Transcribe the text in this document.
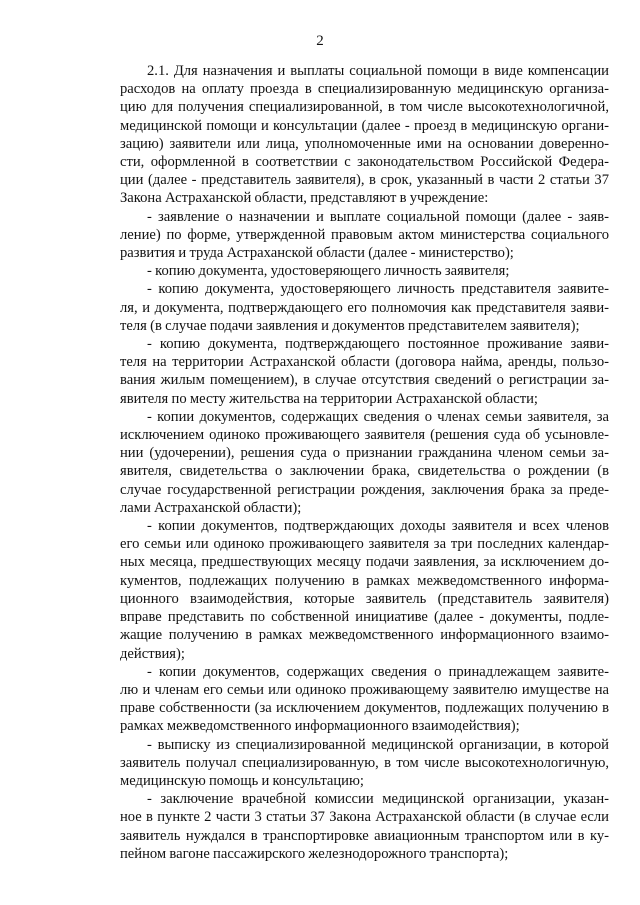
2

2.1. Для назначения и выплаты социальной помощи в виде компенсации
расходов на оплату проезда в специализированную медицинскую организа-
цию для получения специализированной, в том числе высокотехнологичной,
медицинской помощи и консультации (далее - проезд в медицинскую органи-
зацию) заявители или лица, уполномоченные ими на основании доверенно-
сти, оформленной в соответствии с законодательством Российской Федера-
ции (далее - представитель заявителя), в срок, указанный в части 2 статьи 37
Закона Астраханской области, представляют в учреждение:

- заявление о назначении и выплате социальной помощи (далее - заяв-
ление) по форме, утвержденной правовым актом министерства социального
развития и труда Астраханской области (далее - министерство);

- копию документа, удостоверяющего личность заявителя;

- копию документа, удостоверяющего личность представителя заявите-
ля, и документа, подтверждающего его полномочия как представителя заяви-
теля (в случае подачи заявления и документов представителем заявителя);

- копию документа, подтверждающего постоянное проживание заяви-
теля на территории Астраханской области (договора найма, аренды, пользо-
вания жилым помещением), в случае отсутствия сведений о регистрации за-
явителя по месту жительства на территории Астраханской области;

- копии документов, содержащих сведения о членах семьи заявителя, за
исключением одиноко проживающего заявителя (решения суда об усыновле-
нии (удочерении), решения суда о признании гражданина членом семьи за-
явителя, свидетельства о заключении брака, свидетельства о рождении (в
случае государственной регистрации рождения, заключения брака за преде-
лами Астраханской области);

- копии документов, подтверждающих доходы заявителя и всех членов
его семьи или одиноко проживающего заявителя за три последних календар-
ных месяца, предшествующих месяцу подачи заявления, за исключением до-
кументов, подлежащих получению в рамках межведомственного информа-
ционного взаимодействия, которые заявитель (представитель заявителя)
вправе представить по собственной инициативе (далее - документы, подле-
жащие получению в рамках межведомственного информационного взаимо-
действия);

- копии документов, содержащих сведения о принадлежащем заявите-
лю и членам его семьи или одиноко проживающему заявителю имуществе на
праве собственности (за исключением документов, подлежащих получению в
рамках межведомственного информационного взаимодействия);

- выписку из специализированной медицинской организации, в которой
заявитель получал специализированную, в том числе высокотехнологичную,
медицинскую помощь и консультацию;

- заключение врачебной комиссии медицинской организации, указан-
ное в пункте 2 части 3 статьи 37 Закона Астраханской области (в случае если
заявитель нуждался в транспортировке авиационным транспортом или в ку-
пейном вагоне пассажирского железнодорожного транспорта);
